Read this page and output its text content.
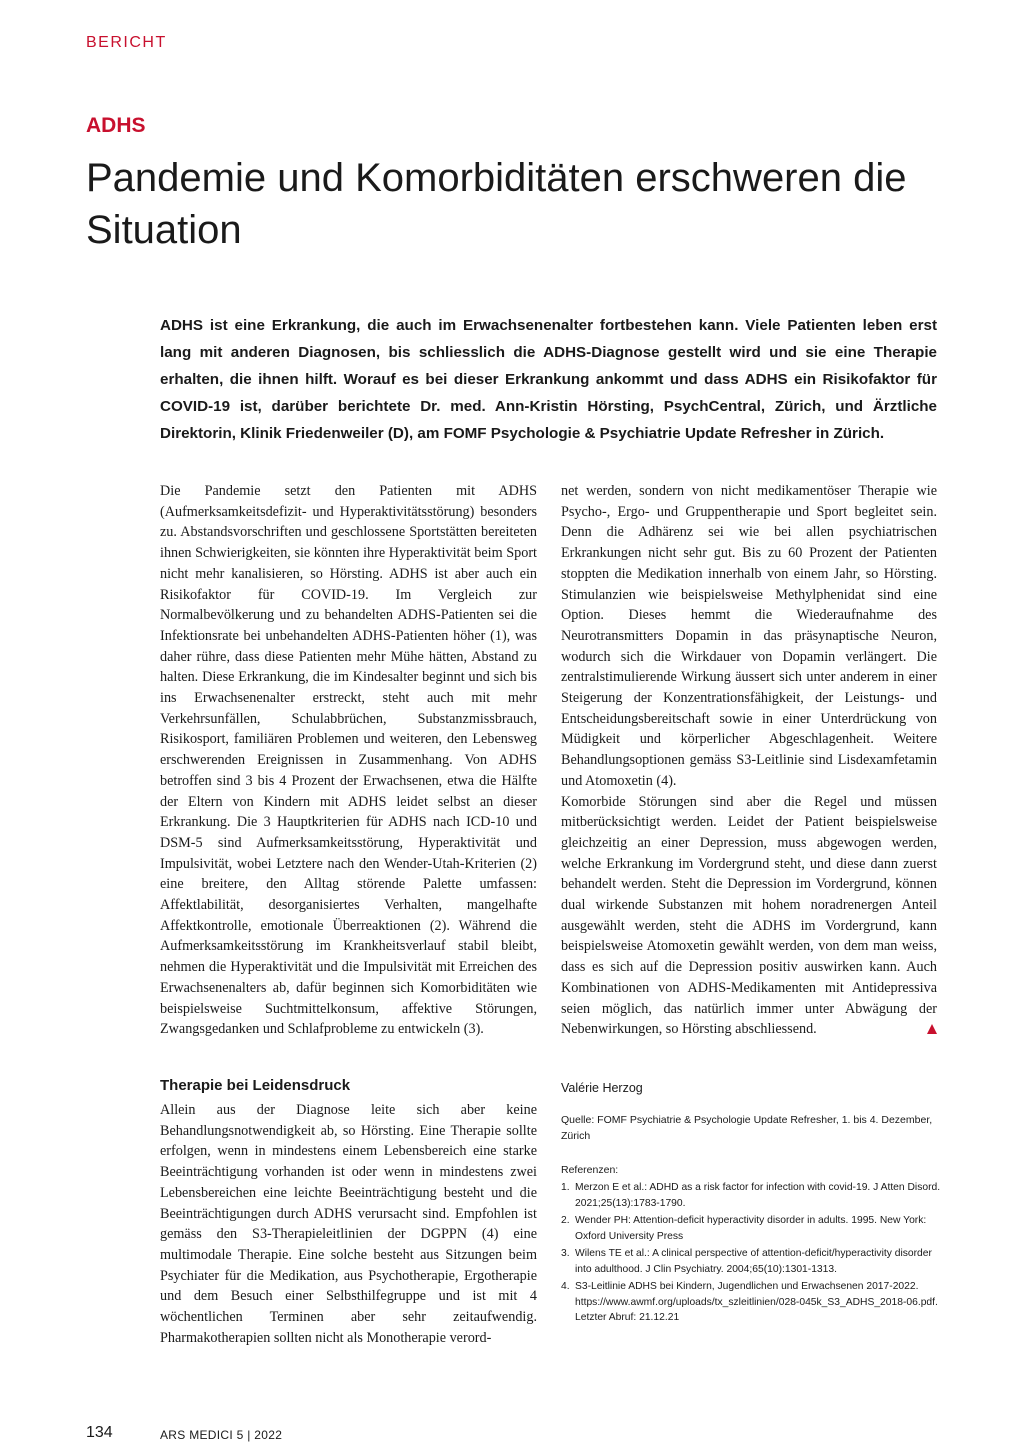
BERICHT
ADHS
Pandemie und Komorbiditäten erschweren die Situation

ADHS ist eine Erkrankung, die auch im Erwachsenenalter fortbestehen kann. Viele Patienten leben erst lang mit anderen Diagnosen, bis schliesslich die ADHS-Diagnose gestellt wird und sie eine Therapie erhalten, die ihnen hilft. Worauf es bei dieser Erkrankung ankommt und dass ADHS ein Risikofaktor für COVID-19 ist, darüber berichtete Dr. med. Ann-Kristin Hörsting, PsychCentral, Zürich, und Ärztliche Direktorin, Klinik Friedenweiler (D), am FOMF Psychologie & Psychiatrie Update Refresher in Zürich.

Die Pandemie setzt den Patienten mit ADHS (Aufmerksamkeitsdefizit- und Hyperaktivitätsstörung) besonders zu. Abstandsvorschriften und geschlossene Sportstätten bereiteten ihnen Schwierigkeiten, sie könnten ihre Hyperaktivität beim Sport nicht mehr kanalisieren, so Hörsting. ADHS ist aber auch ein Risikofaktor für COVID-19. Im Vergleich zur Normalbevölkerung und zu behandelten ADHS-Patienten sei die Infektionsrate bei unbehandelten ADHS-Patienten höher (1), was daher rühre, dass diese Patienten mehr Mühe hätten, Abstand zu halten. Diese Erkrankung, die im Kindesalter beginnt und sich bis ins Erwachsenenalter erstreckt, steht auch mit mehr Verkehrsunfällen, Schulabbrüchen, Substanzmissbrauch, Risikosport, familiären Problemen und weiteren, den Lebensweg erschwerenden Ereignissen in Zusammenhang. Von ADHS betroffen sind 3 bis 4 Prozent der Erwachsenen, etwa die Hälfte der Eltern von Kindern mit ADHS leidet selbst an dieser Erkrankung. Die 3 Hauptkriterien für ADHS nach ICD-10 und DSM-5 sind Aufmerksamkeitsstörung, Hyperaktivität und Impulsivität, wobei Letztere nach den Wender-Utah-Kriterien (2) eine breitere, den Alltag störende Palette umfassen: Affektlabilität, desorganisiertes Verhalten, mangelhafte Affektkontrolle, emotionale Überreaktionen (2). Während die Aufmerksamkeitsstörung im Krankheitsverlauf stabil bleibt, nehmen die Hyperaktivität und die Impulsivität mit Erreichen des Erwachsenenalters ab, dafür beginnen sich Komorbiditäten wie beispielsweise Suchtmittelkonsum, affektive Störungen, Zwangsgedanken und Schlafprobleme zu entwickeln (3).

Therapie bei Leidensdruck

Allein aus der Diagnose leite sich aber keine Behandlungsnotwendigkeit ab, so Hörsting. Eine Therapie sollte erfolgen, wenn in mindestens einem Lebensbereich eine starke Beeinträchtigung vorhanden ist oder wenn in mindestens zwei Lebensbereichen eine leichte Beeinträchtigung besteht und die Beeinträchtigungen durch ADHS verursacht sind. Empfohlen ist gemäss den S3-Therapieleitlinien der DGPPN (4) eine multimodale Therapie. Eine solche besteht aus Sitzungen beim Psychiater für die Medikation, aus Psychotherapie, Ergotherapie und dem Besuch einer Selbsthilfegruppe und ist mit 4 wöchentlichen Terminen aber sehr zeitaufwendig. Pharmakotherapien sollten nicht als Monotherapie verord-

net werden, sondern von nicht medikamentöser Therapie wie Psycho-, Ergo- und Gruppentherapie und Sport begleitet sein. Denn die Adhärenz sei wie bei allen psychiatrischen Erkrankungen nicht sehr gut. Bis zu 60 Prozent der Patienten stoppten die Medikation innerhalb von einem Jahr, so Hörsting. Stimulanzien wie beispielsweise Methylphenidat sind eine Option. Dieses hemmt die Wiederaufnahme des Neurotransmitters Dopamin in das präsynaptische Neuron, wodurch sich die Wirkdauer von Dopamin verlängert. Die zentralstimulierende Wirkung äussert sich unter anderem in einer Steigerung der Konzentrationsfähigkeit, der Leistungs- und Entscheidungsbereitschaft sowie in einer Unterdrückung von Müdigkeit und körperlicher Abgeschlagenheit. Weitere Behandlungsoptionen gemäss S3-Leitlinie sind Lisdexamfetamin und Atomoxetin (4).

Komorbide Störungen sind aber die Regel und müssen mitberücksichtigt werden. Leidet der Patient beispielsweise gleichzeitig an einer Depression, muss abgewogen werden, welche Erkrankung im Vordergrund steht, und diese dann zuerst behandelt werden. Steht die Depression im Vordergrund, können dual wirkende Substanzen mit hohem noradrenergen Anteil ausgewählt werden, steht die ADHS im Vordergrund, kann beispielsweise Atomoxetin gewählt werden, von dem man weiss, dass es sich auf die Depression positiv auswirken kann. Auch Kombinationen von ADHS-Medikamenten mit Antidepressiva seien möglich, das natürlich immer unter Abwägung der Nebenwirkungen, so Hörsting abschliessend.

Valérie Herzog
Quelle: FOMF Psychiatrie & Psychologie Update Refresher, 1. bis 4. Dezember, Zürich
Referenzen:
1. Merzon E et al.: ADHD as a risk factor for infection with covid-19. J Atten Disord. 2021;25(13):1783-1790.
2. Wender PH: Attention-deficit hyperactivity disorder in adults. 1995. New York: Oxford University Press
3. Wilens TE et al.: A clinical perspective of attention-deficit/hyperactivity disorder into adulthood. J Clin Psychiatry. 2004;65(10):1301-1313.
4. S3-Leitlinie ADHS bei Kindern, Jugendlichen und Erwachsenen 2017-2022. https://www.awmf.org/uploads/tx_szleitlinien/028-045k_S3_ADHS_2018-06.pdf. Letzter Abruf: 21.12.21
134	ARS MEDICI 5 | 2022
